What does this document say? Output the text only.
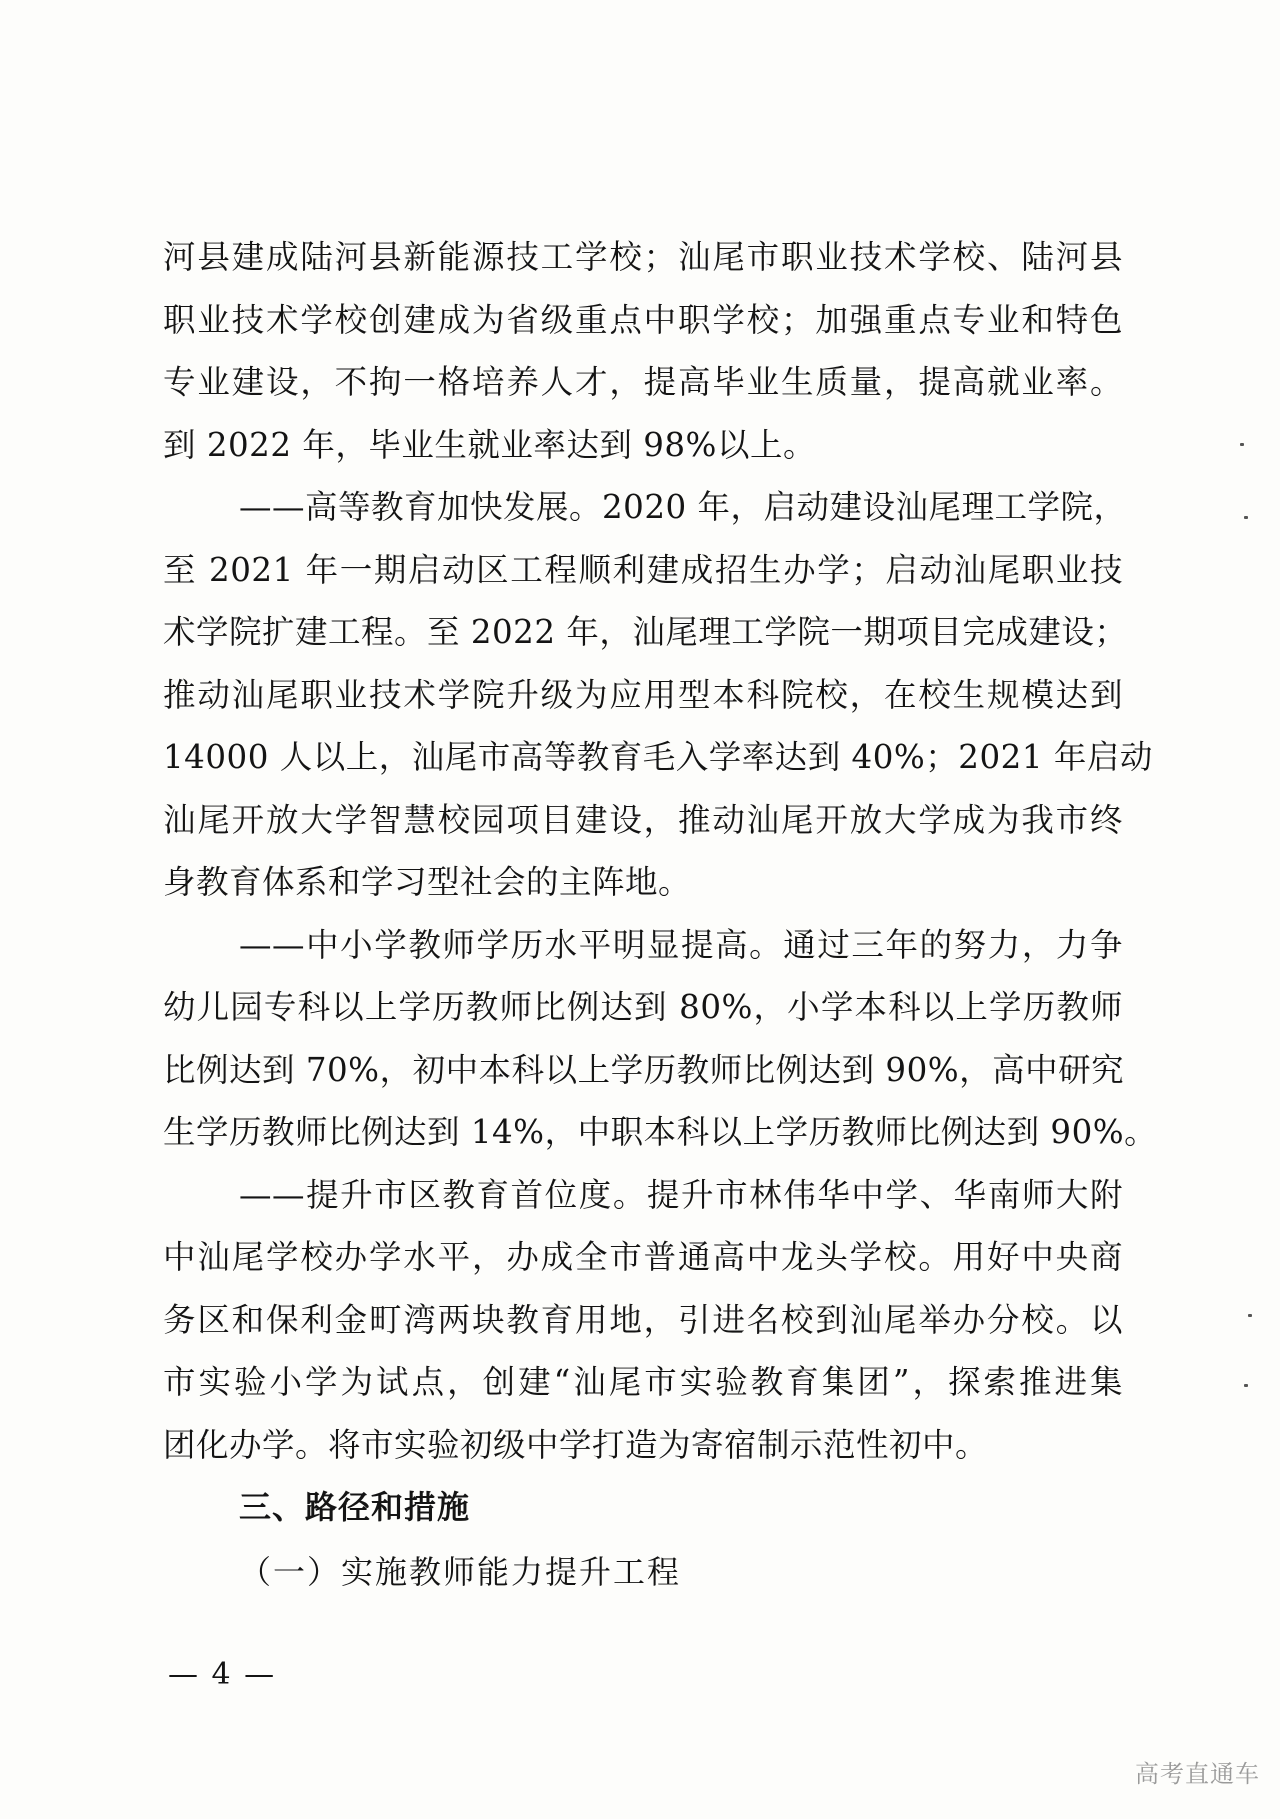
河县建成陆河县新能源技工学校；汕尾市职业技术学校、陆河县
职业技术学校创建成为省级重点中职学校；加强重点专业和特色
专业建设，不拘一格培养人才，提高毕业生质量，提高就业率。
到 2022 年，毕业生就业率达到 98%以上。
——高等教育加快发展。2020 年，启动建设汕尾理工学院，
至 2021 年一期启动区工程顺利建成招生办学；启动汕尾职业技
术学院扩建工程。至 2022 年，汕尾理工学院一期项目完成建设；
推动汕尾职业技术学院升级为应用型本科院校，在校生规模达到
14000 人以上，汕尾市高等教育毛入学率达到 40%；2021 年启动
汕尾开放大学智慧校园项目建设，推动汕尾开放大学成为我市终
身教育体系和学习型社会的主阵地。
——中小学教师学历水平明显提高。通过三年的努力，力争
幼儿园专科以上学历教师比例达到 80%，小学本科以上学历教师
比例达到 70%，初中本科以上学历教师比例达到 90%，高中研究
生学历教师比例达到 14%，中职本科以上学历教师比例达到 90%。
——提升市区教育首位度。提升市林伟华中学、华南师大附
中汕尾学校办学水平，办成全市普通高中龙头学校。用好中央商
务区和保利金町湾两块教育用地，引进名校到汕尾举办分校。以
市实验小学为试点，创建“汕尾市实验教育集团”，探索推进集
团化办学。将市实验初级中学打造为寄宿制示范性初中。
三、路径和措施
（一）实施教师能力提升工程
— 4 —
高考直通车
